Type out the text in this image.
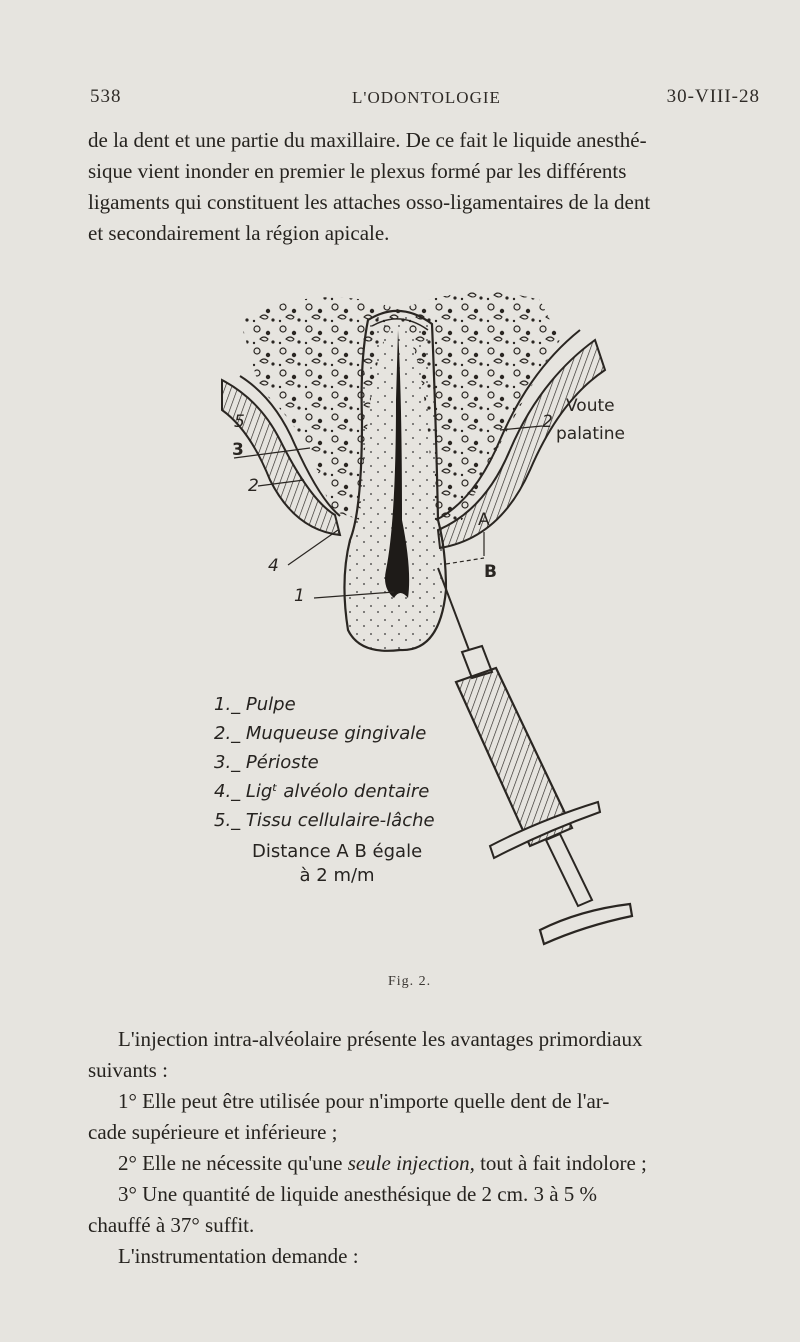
538	L'ODONTOLOGIE	30-VIII-28
de la dent et une partie du maxillaire. De ce fait le liquide anesthé-
sique vient inonder en premier le plexus formé par les différents
ligaments qui constituent les attaches osso-ligamentaires de la dent
et secondairement la région apicale.
Voute
palatine
2
5
3
2
4
1
A
B
1._ Pulpe
2._ Muqueuse gingivale
3._ Périoste
4._ Ligᵗ alvéolo dentaire
5._ Tissu cellulaire-lâche
Distance A B égale
à 2 m/m
Fig. 2.

L'injection intra-alvéolaire présente les avantages primordiaux

suivants :

1° Elle peut être utilisée pour n'importe quelle dent de l'ar-

cade supérieure et inférieure ;

2° Elle ne nécessite qu'une seule injection, tout à fait indolore ;

3° Une quantité de liquide anesthésique de 2 cm. 3 à 5 %

chauffé à 37° suffit.

L'instrumentation demande :
